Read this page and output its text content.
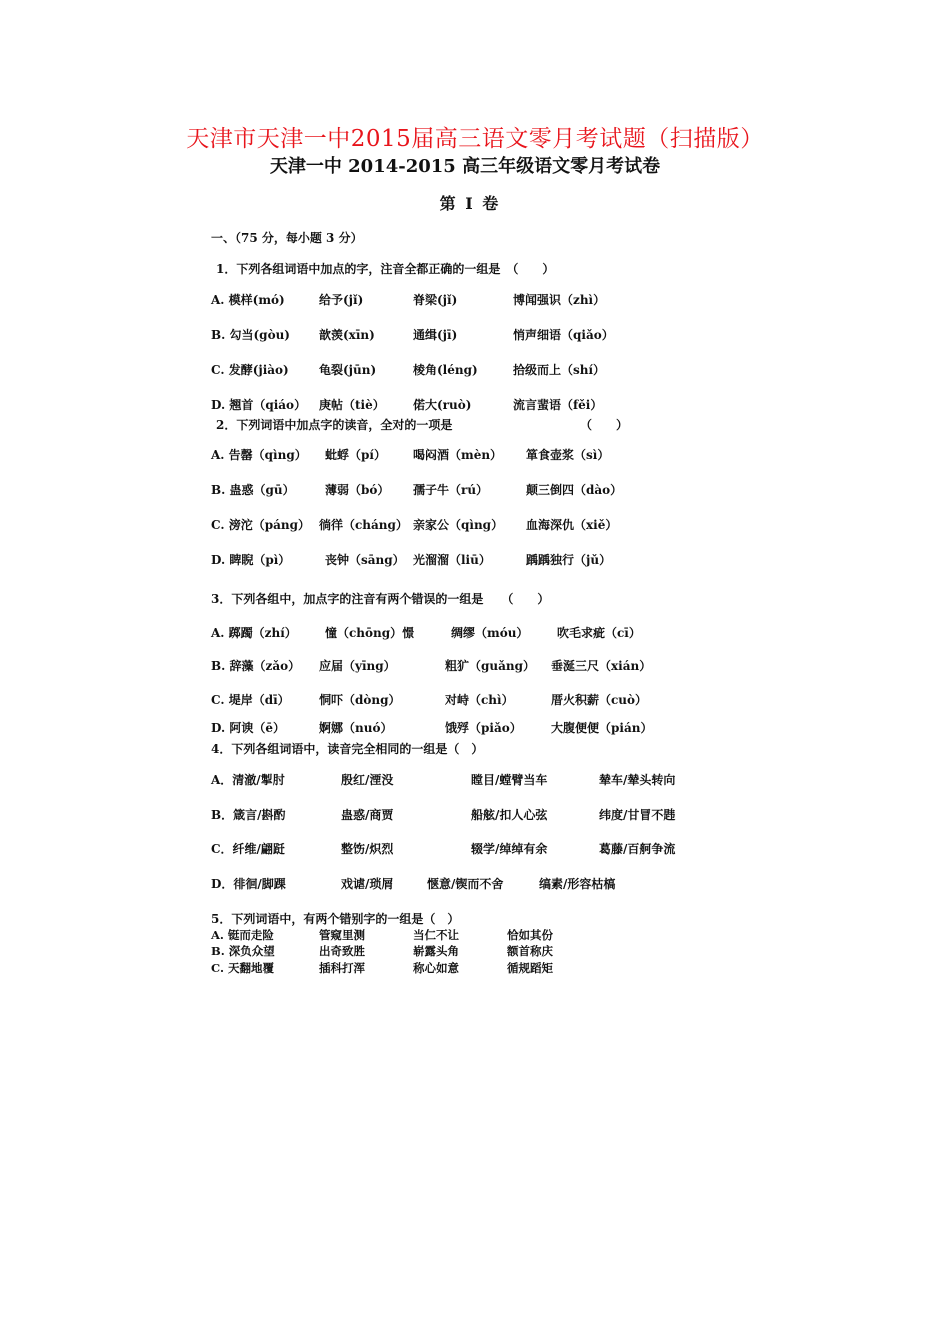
天津市天津一中2015届高三语文零月考试题（扫描版）
天津一中 2014-2015 高三年级语文零月考试卷
第 I 卷
一、（75 分，每小题 3 分）
1．下列各组词语中加点的字，注音全都正确的一组是　（　　）
A. 模样(mó)	给予(jǐ)	脊梁(jǐ)	博闻强识（zhì）
B. 勾当(gòu) 歆羡(xīn)	通缉(jī)	悄声细语（qiǎo）
C. 发酵(jiào)	龟裂(jūn)	棱角(léng)	拾级而上（shí）
D. 翘首（qiáo） 庚帖（tiè） 偌大(ruò)	流言蜚语（fěi）
2．下列词语中加点字的读音，全对的一项是	（　　）
A. 告罄（qìng） 蚍蜉（pí） 喝闷酒（mèn） 箪食壶浆（sì）
B. 蛊惑（gū）	薄弱（bó） 孺子牛（rú）	颠三倒四（dào）
C. 滂沱（pánɡ） 徜徉（chánɡ） 亲家公（qìnɡ） 血海深仇（xiě）
D. 睥睨（pì）	丧钟（sāng） 光溜溜（liū）	踽踽独行（jǔ）
3．下列各组中，加点字的注音有两个错误的一组是　　（　　）
A. 踯躅（zhí） 憧（chōng）憬	绸缪（móu） 吹毛求疵（cī）
B. 辞藻（zǎo） 应届（yīng）	粗犷（guǎng） 垂涎三尺（xián）
C. 堤岸（dī） 恫吓（dòng）	对峙（chì）	厝火积薪（cuò）
D. 阿谀（ē）	婀娜（nuó）	饿殍（piǎo） 大腹便便（pián）
4．下列各组词语中，读音完全相同的一组是（　）
A．清澈/掣肘	殷红/湮没	瞠目/螳臂当车	辇车/辇头转向
B．箴言/斟酌	蛊惑/商贾	船舷/扣人心弦	纬度/甘冒不韪
C．纤维/翩跹	整饬/炽烈	辍学/绰绰有余	葛藤/百舸争流
D．徘徊/脚踝	戏谑/琐屑	惬意/锲而不舍	缟素/形容枯槁
5．下列词语中，有两个错别字的一组是（　）
A. 铤而走险	管窥里测	当仁不让	恰如其份
B. 深负众望	出奇致胜	崭露头角	额首称庆
C. 天翻地覆	插科打浑	称心如意	循规蹈矩
